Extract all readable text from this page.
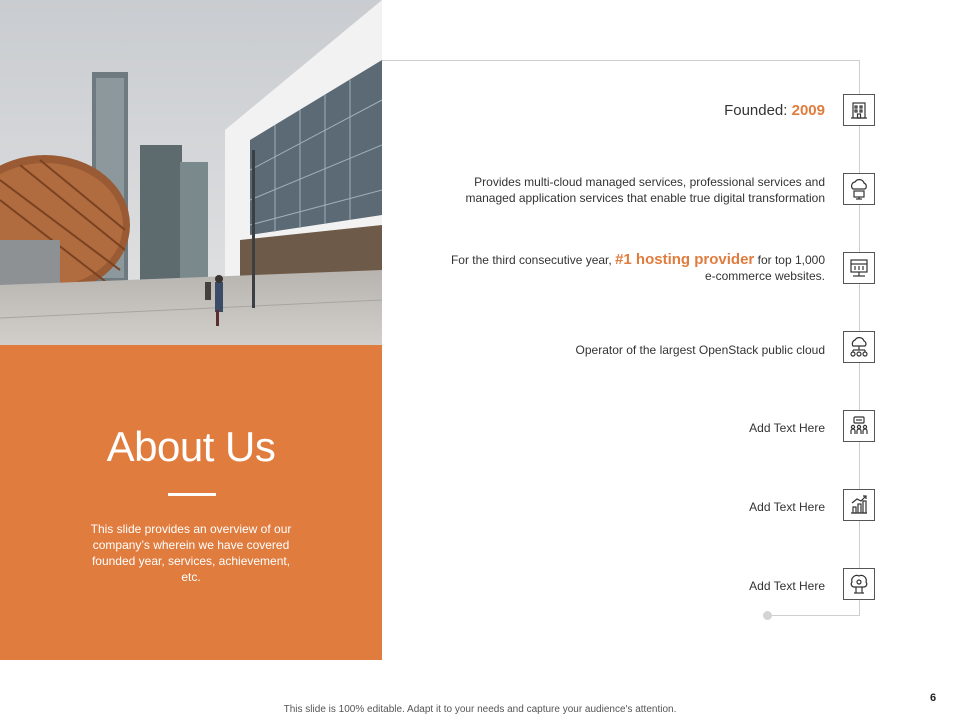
About Us
This slide provides an overview of our company’s wherein we have covered founded year, services, achievement, etc.
Founded: 2009
Provides multi-cloud managed services, professional services and managed application services that enable true digital transformation
For the third consecutive year, #1 hosting provider for top 1,000 e-commerce websites.
Operator of the largest OpenStack public cloud
Add Text Here
Add Text Here
Add Text Here
6
This slide is 100% editable. Adapt it to your needs and capture your audience's attention.
